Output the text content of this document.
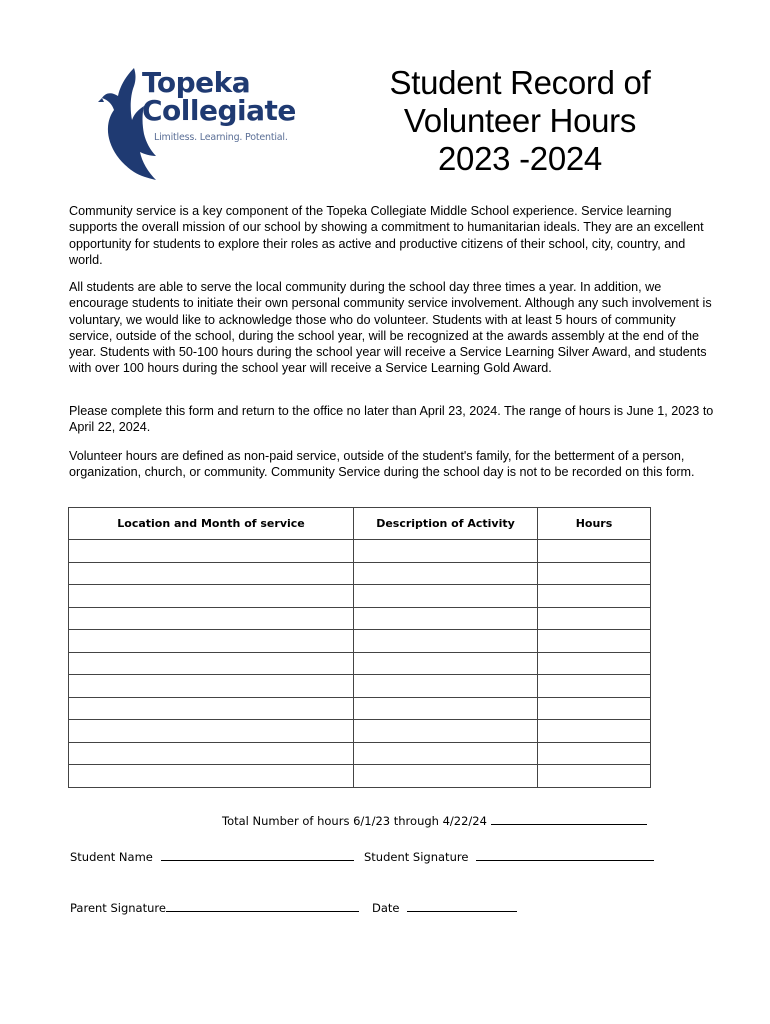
Topeka
Collegiate
Limitless. Learning. Potential.
Student Record of
Volunteer Hours
2023 -2024
Community service is a key component of the Topeka Collegiate Middle School experience. Service learning supports the overall mission of our school by showing a commitment to humanitarian ideals. They are an excellent opportunity for students to explore their roles as active and productive citizens of their school, city, country, and world.
All students are able to serve the local community during the school day three times a year. In addition, we encourage students to initiate their own personal community service involvement. Although any such involvement is voluntary, we would like to acknowledge those who do volunteer. Students with at least 5 hours of community service, outside of the school, during the school year, will be recognized at the awards assembly at the end of the year. Students with 50-100 hours during the school year will receive a Service Learning Silver Award, and students with over 100 hours during the school year will receive a Service Learning Gold Award.
Please complete this form and return to the office no later than April 23, 2024. The range of hours is June 1, 2023 to April 22, 2024.
Volunteer hours are defined as non-paid service, outside of the student's family, for the betterment of a person, organization, church, or community. Community Service during the school day is not to be recorded on this form.
Location and Month of service	Description of Activity	Hours

Total Number of hours 6/1/23 through 4/22/24
Student Name	Student Signature
Parent Signature	Date
